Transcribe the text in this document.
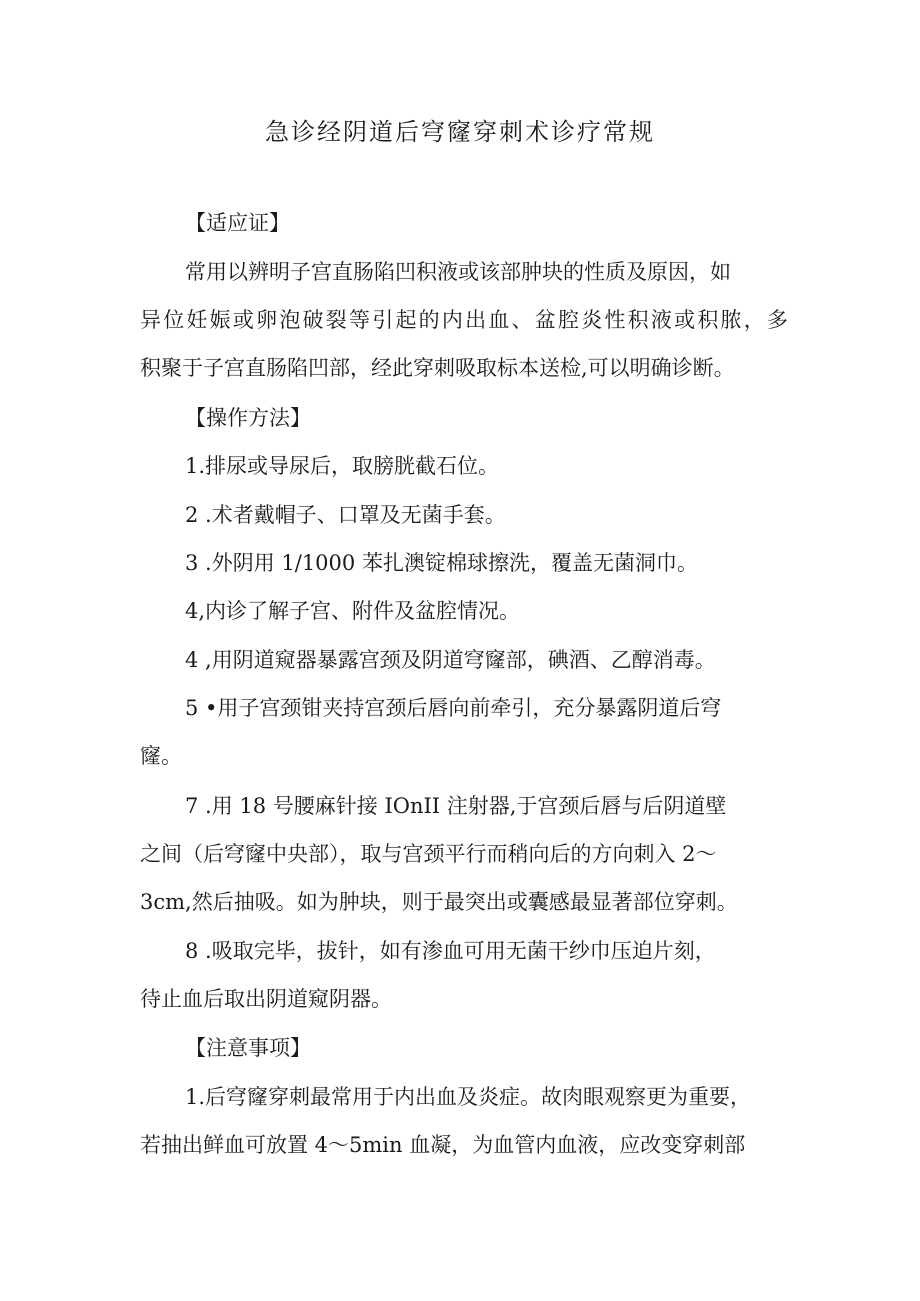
急诊经阴道后穹窿穿刺术诊疗常规
【适应证】
常用以辨明子宫直肠陷凹积液或该部肿块的性质及原因，如
异位妊娠或卵泡破裂等引起的内出血、盆腔炎性积液或积脓，多
积聚于子宫直肠陷凹部，经此穿刺吸取标本送检,可以明确诊断。
【操作方法】
1.排尿或导尿后，取膀胱截石位。
2 .术者戴帽子、口罩及无菌手套。
3 .外阴用 1/1000 苯扎澳锭棉球擦洗，覆盖无菌洞巾。
4,内诊了解子宫、附件及盆腔情况。
4 ,用阴道窥器暴露宫颈及阴道穹窿部，碘酒、乙醇消毒。
5 •用子宫颈钳夹持宫颈后唇向前牵引，充分暴露阴道后穹
窿。
7 .用 18 号腰麻针接 IOnII 注射器,于宫颈后唇与后阴道壁
之间（后穹窿中央部），取与宫颈平行而稍向后的方向刺入 2～
3cm,然后抽吸。如为肿块，则于最突出或囊感最显著部位穿刺。
8 .吸取完毕，拔针，如有渗血可用无菌干纱巾压迫片刻，
待止血后取出阴道窥阴器。
【注意事项】
1.后穹窿穿刺最常用于内出血及炎症。故肉眼观察更为重要，
若抽出鲜血可放置 4～5min 血凝，为血管内血液，应改变穿刺部
